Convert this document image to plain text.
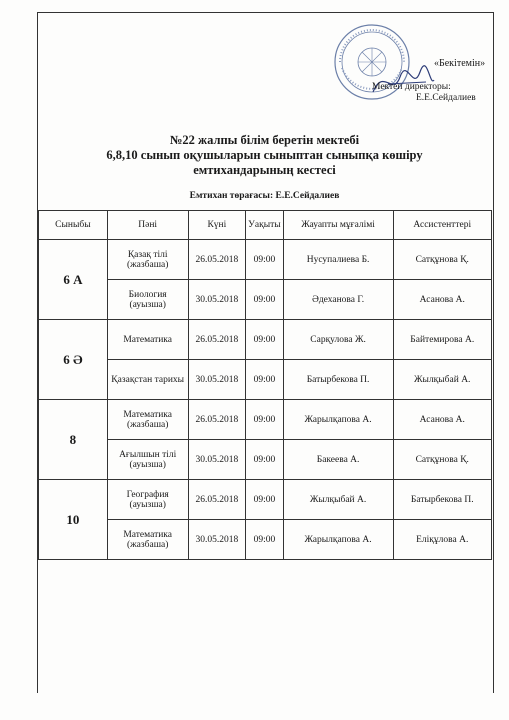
«Бекітемін»
Мектеп директоры:
Е.Е.Сейдалиев
№22 жалпы білім беретін мектебі
6,8,10 сынып оқушыларын сыныптан сыныпқа көшіру
емтихандарының кестесі
Емтихан төрағасы: Е.Е.Сейдалиев
Сыныбы	Пәні	Күні	Уақыты	Жауапты мұғалімі	Ассистенттері
6 А	Қазақ тілі (жазбаша)	26.05.2018	09:00	Нусупалиева Б.	Сатқұнова Қ.
	Биология (ауызша)	30.05.2018	09:00	Әдеханова Г.	Асанова А.
6 Ә	Математика	26.05.2018	09:00	Сарқулова Ж.	Байтемирова А.
	Қазақстан тарихы	30.05.2018	09:00	Батырбекова П.	Жылқыбай А.
8	Математика (жазбаша)	26.05.2018	09:00	Жарылқапова А.	Асанова А.
	Ағылшын тілі (ауызша)	30.05.2018	09:00	Бакеева А.	Сатқұнова Қ.
10	География (ауызша)	26.05.2018	09:00	Жылқыбай А.	Батырбекова П.
	Математика (жазбаша)	30.05.2018	09:00	Жарылқапова А.	Еліқұлова А.
